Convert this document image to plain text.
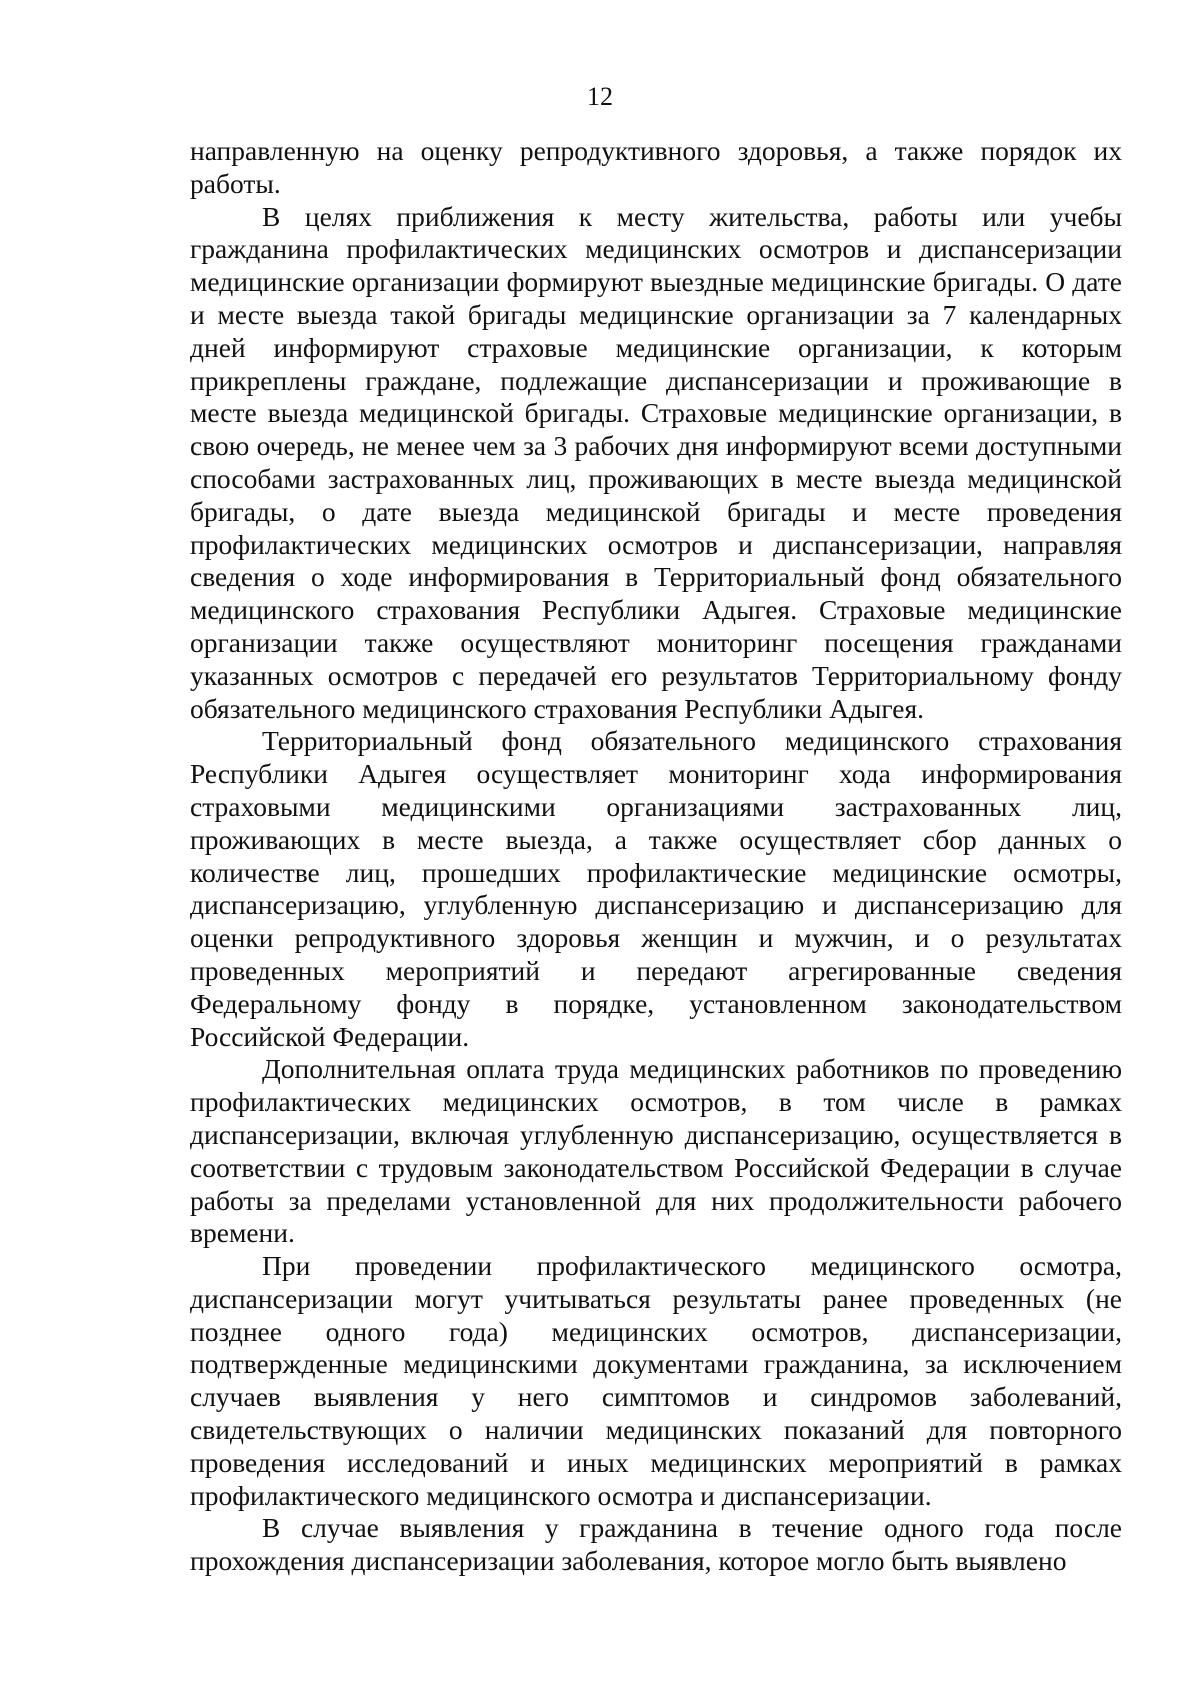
12

направленную на оценку репродуктивного здоровья, а также порядок их работы.

В целях приближения к месту жительства, работы или учебы гражданина профилактических медицинских осмотров и диспансеризации медицинские организации формируют выездные медицинские бригады. О дате и месте выезда такой бригады медицинские организации за 7 календарных дней информируют страховые медицинские организации, к которым прикреплены граждане, подлежащие диспансеризации и проживающие в месте выезда медицинской бригады. Страховые медицинские организации, в свою очередь, не менее чем за 3 рабочих дня информируют всеми доступными способами застрахованных лиц, проживающих в месте выезда медицинской бригады, о дате выезда медицинской бригады и месте проведения профилактических медицинских осмотров и диспансеризации, направляя сведения о ходе информирования в Территориальный фонд обязательного медицинского страхования Республики Адыгея. Страховые медицинские организации также осуществляют мониторинг посещения гражданами указанных осмотров с передачей его результатов Территориальному фонду обязательного медицинского страхования Республики Адыгея.

Территориальный фонд обязательного медицинского страхования Республики Адыгея осуществляет мониторинг хода информирования страховыми медицинскими организациями застрахованных лиц, проживающих в месте выезда, а также осуществляет сбор данных о количестве лиц, прошедших профилактические медицинские осмотры, диспансеризацию, углубленную диспансеризацию и диспансеризацию для оценки репродуктивного здоровья женщин и мужчин, и о результатах проведенных мероприятий и передают агрегированные сведения Федеральному фонду в порядке, установленном законодательством Российской Федерации.

Дополнительная оплата труда медицинских работников по проведению профилактических медицинских осмотров, в том числе в рамках диспансеризации, включая углубленную диспансеризацию, осуществляется в соответствии с трудовым законодательством Российской Федерации в случае работы за пределами установленной для них продолжительности рабочего времени.

При проведении профилактического медицинского осмотра, диспансеризации могут учитываться результаты ранее проведенных (не позднее одного года) медицинских осмотров, диспансеризации, подтвержденные медицинскими документами гражданина, за исключением случаев выявления у него симптомов и синдромов заболеваний, свидетельствующих о наличии медицинских показаний для повторного проведения исследований и иных медицинских мероприятий в рамках профилактического медицинского осмотра и диспансеризации.

В случае выявления у гражданина в течение одного года после прохождения диспансеризации заболевания, которое могло быть выявлено
